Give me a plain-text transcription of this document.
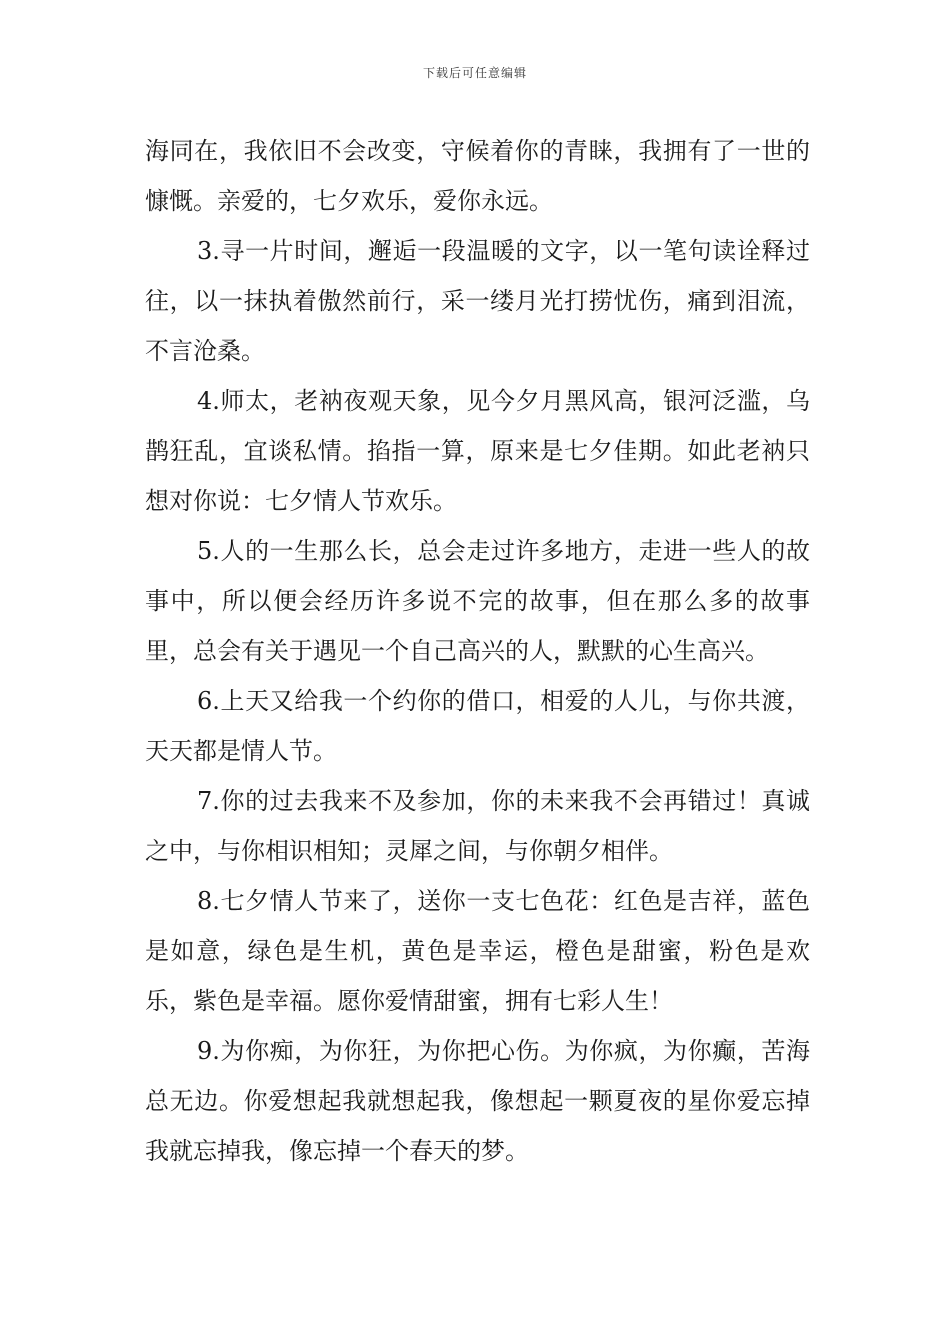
下载后可任意编辑

海同在，我依旧不会改变，守候着你的青睐，我拥有了一世的慷慨。亲爱的，七夕欢乐，爱你永远。

3.寻一片时间，邂逅一段温暖的文字，以一笔句读诠释过往，以一抹执着傲然前行，采一缕月光打捞忧伤，痛到泪流，不言沧桑。

4.师太，老衲夜观天象，见今夕月黑风高，银河泛滥，乌鹊狂乱，宜谈私情。掐指一算，原来是七夕佳期。如此老衲只想对你说：七夕情人节欢乐。

5.人的一生那么长，总会走过许多地方，走进一些人的故事中，所以便会经历许多说不完的故事，但在那么多的故事里，总会有关于遇见一个自己高兴的人，默默的心生高兴。

6.上天又给我一个约你的借口，相爱的人儿，与你共渡，天天都是情人节。

7.你的过去我来不及参加，你的未来我不会再错过！真诚之中，与你相识相知；灵犀之间，与你朝夕相伴。

8.七夕情人节来了，送你一支七色花：红色是吉祥，蓝色是如意，绿色是生机，黄色是幸运，橙色是甜蜜，粉色是欢乐，紫色是幸福。愿你爱情甜蜜，拥有七彩人生！

9.为你痴，为你狂，为你把心伤。为你疯，为你癫，苦海总无边。你爱想起我就想起我，像想起一颗夏夜的星你爱忘掉我就忘掉我，像忘掉一个春天的梦。
